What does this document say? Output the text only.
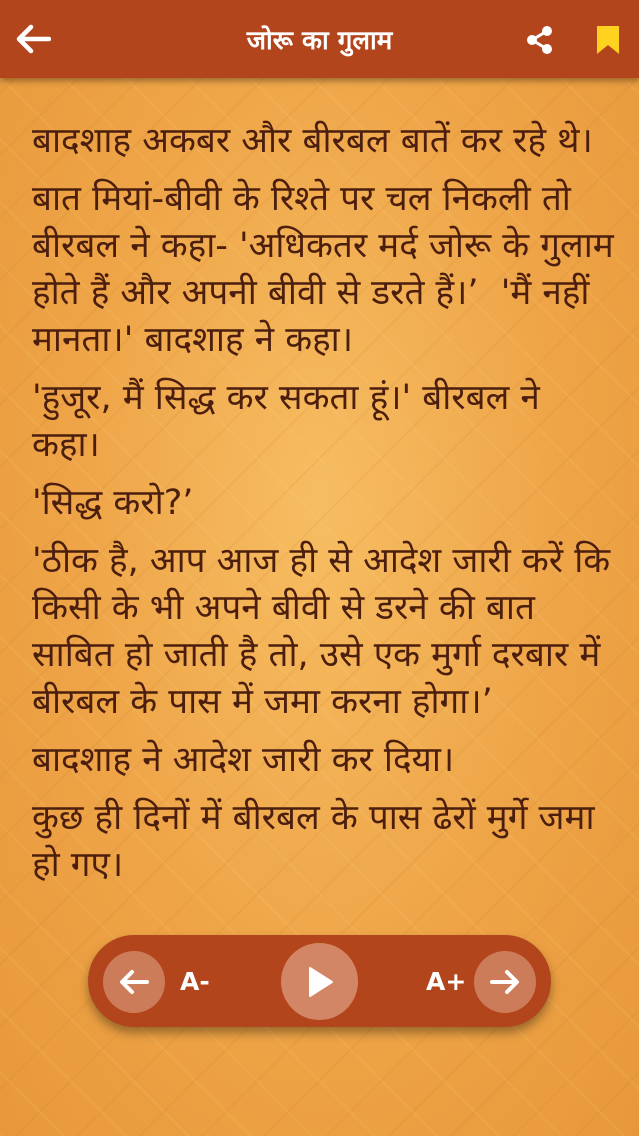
जोरू का गुलाम

बादशाह अकबर और बीरबल बातें कर रहे थे।

बात मियां-बीवी के रिश्ते पर चल निकली तो बीरबल ने कहा- 'अधिकतर मर्द जोरू के गुलाम होते हैं और अपनी बीवी से डरते हैं।’  'मैं नहीं मानता।' बादशाह ने कहा।

'हुजूर, मैं सिद्ध कर सकता हूं।' बीरबल ने कहा।

'सिद्ध करो?’

'ठीक है, आप आज ही से आदेश जारी करें कि किसी के भी अपने बीवी से डरने की बात साबित हो जाती है तो, उसे एक मुर्गा दरबार में बीरबल के पास में जमा करना होगा।’

बादशाह ने आदेश जारी कर दिया।

कुछ ही दिनों में बीरबल के पास ढेरों मुर्गे जमा हो गए।

A-	A+
